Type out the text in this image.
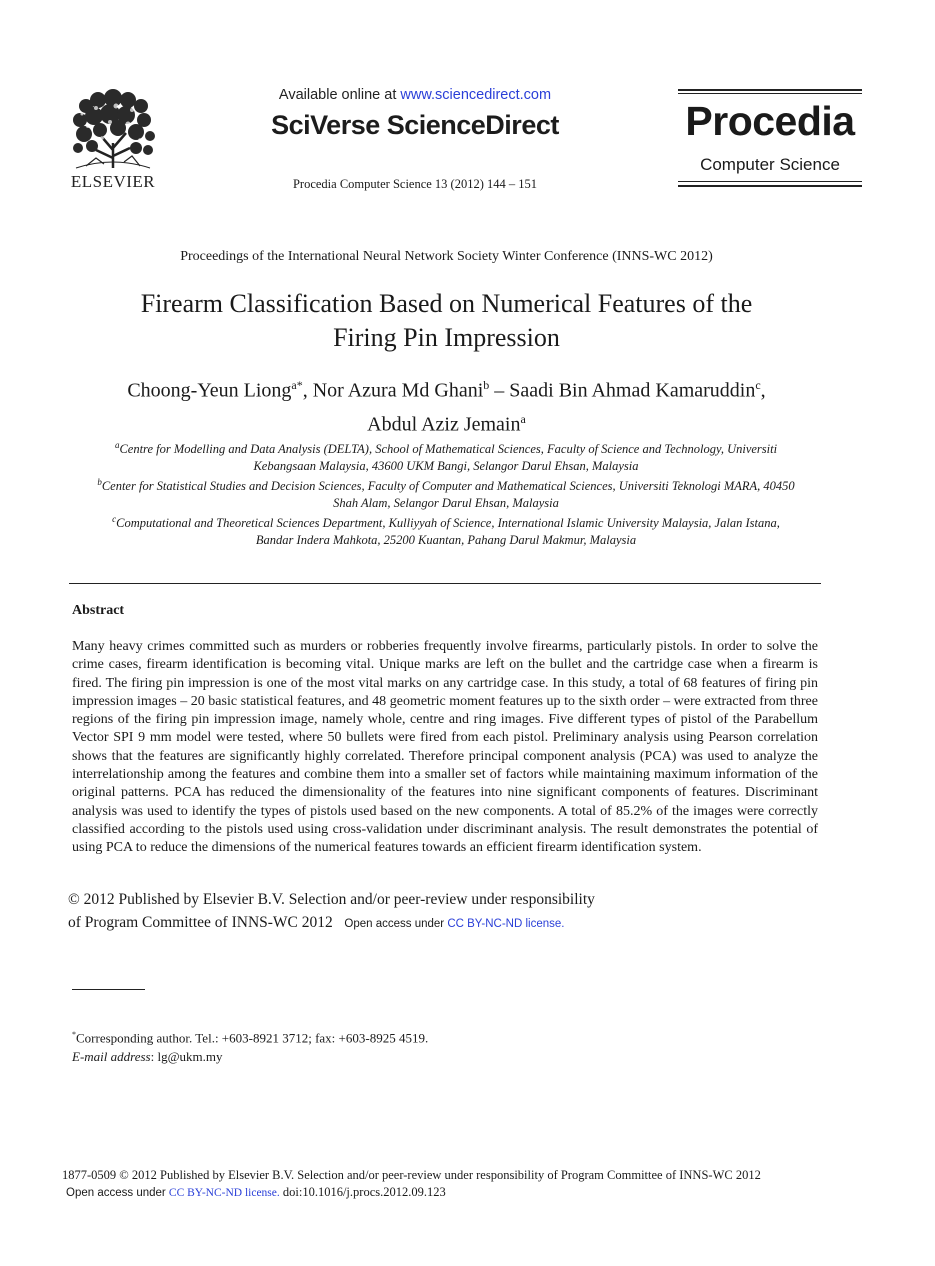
ELSEVIER
Available online at www.sciencedirect.com
SciVerse ScienceDirect
Procedia Computer Science 13 (2012) 144 – 151
Procedia
Computer Science
Proceedings of the International Neural Network Society Winter Conference (INNS-WC 2012)
Firearm Classification Based on Numerical Features of the
Firing Pin Impression
Choong-Yeun Liong$^{a*}$, Nor Azura Md Ghani$^b$ – Saadi Bin Ahmad Kamaruddin$^c$,
Abdul Aziz Jemain$^a$
$^a$Centre for Modelling and Data Analysis (DELTA), School of Mathematical Sciences, Faculty of Science and Technology, Universiti
Kebangsaan Malaysia, 43600 UKM Bangi, Selangor Darul Ehsan, Malaysia
$^b$Center for Statistical Studies and Decision Sciences, Faculty of Computer and Mathematical Sciences, Universiti Teknologi MARA, 40450
Shah Alam, Selangor Darul Ehsan, Malaysia
$^c$Computational and Theoretical Sciences Department, Kulliyyah of Science, International Islamic University Malaysia, Jalan Istana,
Bandar Indera Mahkota, 25200 Kuantan, Pahang Darul Makmur, Malaysia
Abstract
Many heavy crimes committed such as murders or robberies frequently involve firearms, particularly pistols. In order to solve the crime cases, firearm identification is becoming vital. Unique marks are left on the bullet and the cartridge case when a firearm is fired. The firing pin impression is one of the most vital marks on any cartridge case. In this study, a total of 68 features of firing pin impression images – 20 basic statistical features, and 48 geometric moment features up to the sixth order – were extracted from three regions of the firing pin impression image, namely whole, centre and ring images. Five different types of pistol of the Parabellum Vector SPI 9 mm model were tested, where 50 bullets were fired from each pistol. Preliminary analysis using Pearson correlation shows that the features are significantly highly correlated. Therefore principal component analysis (PCA) was used to analyze the interrelationship among the features and combine them into a smaller set of factors while maintaining maximum information of the original patterns. PCA has reduced the dimensionality of the features into nine significant components of features. Discriminant analysis was used to identify the types of pistols used based on the new components. A total of 85.2% of the images were correctly classified according to the pistols used using cross-validation under discriminant analysis. The result demonstrates the potential of using PCA to reduce the dimensions of the numerical features towards an efficient firearm identification system.
© 2012 Published by Elsevier B.V. Selection and/or peer-review under responsibility
of Program Committee of INNS-WC 2012 Open access under CC BY-NC-ND license.
*Corresponding author. Tel.: +603-8921 3712; fax: +603-8925 4519.
E-mail address: lg@ukm.my
1877-0509 © 2012 Published by Elsevier B.V. Selection and/or peer-review under responsibility of Program Committee of INNS-WC 2012
Open access under CC BY-NC-ND license. doi:10.1016/j.procs.2012.09.123
